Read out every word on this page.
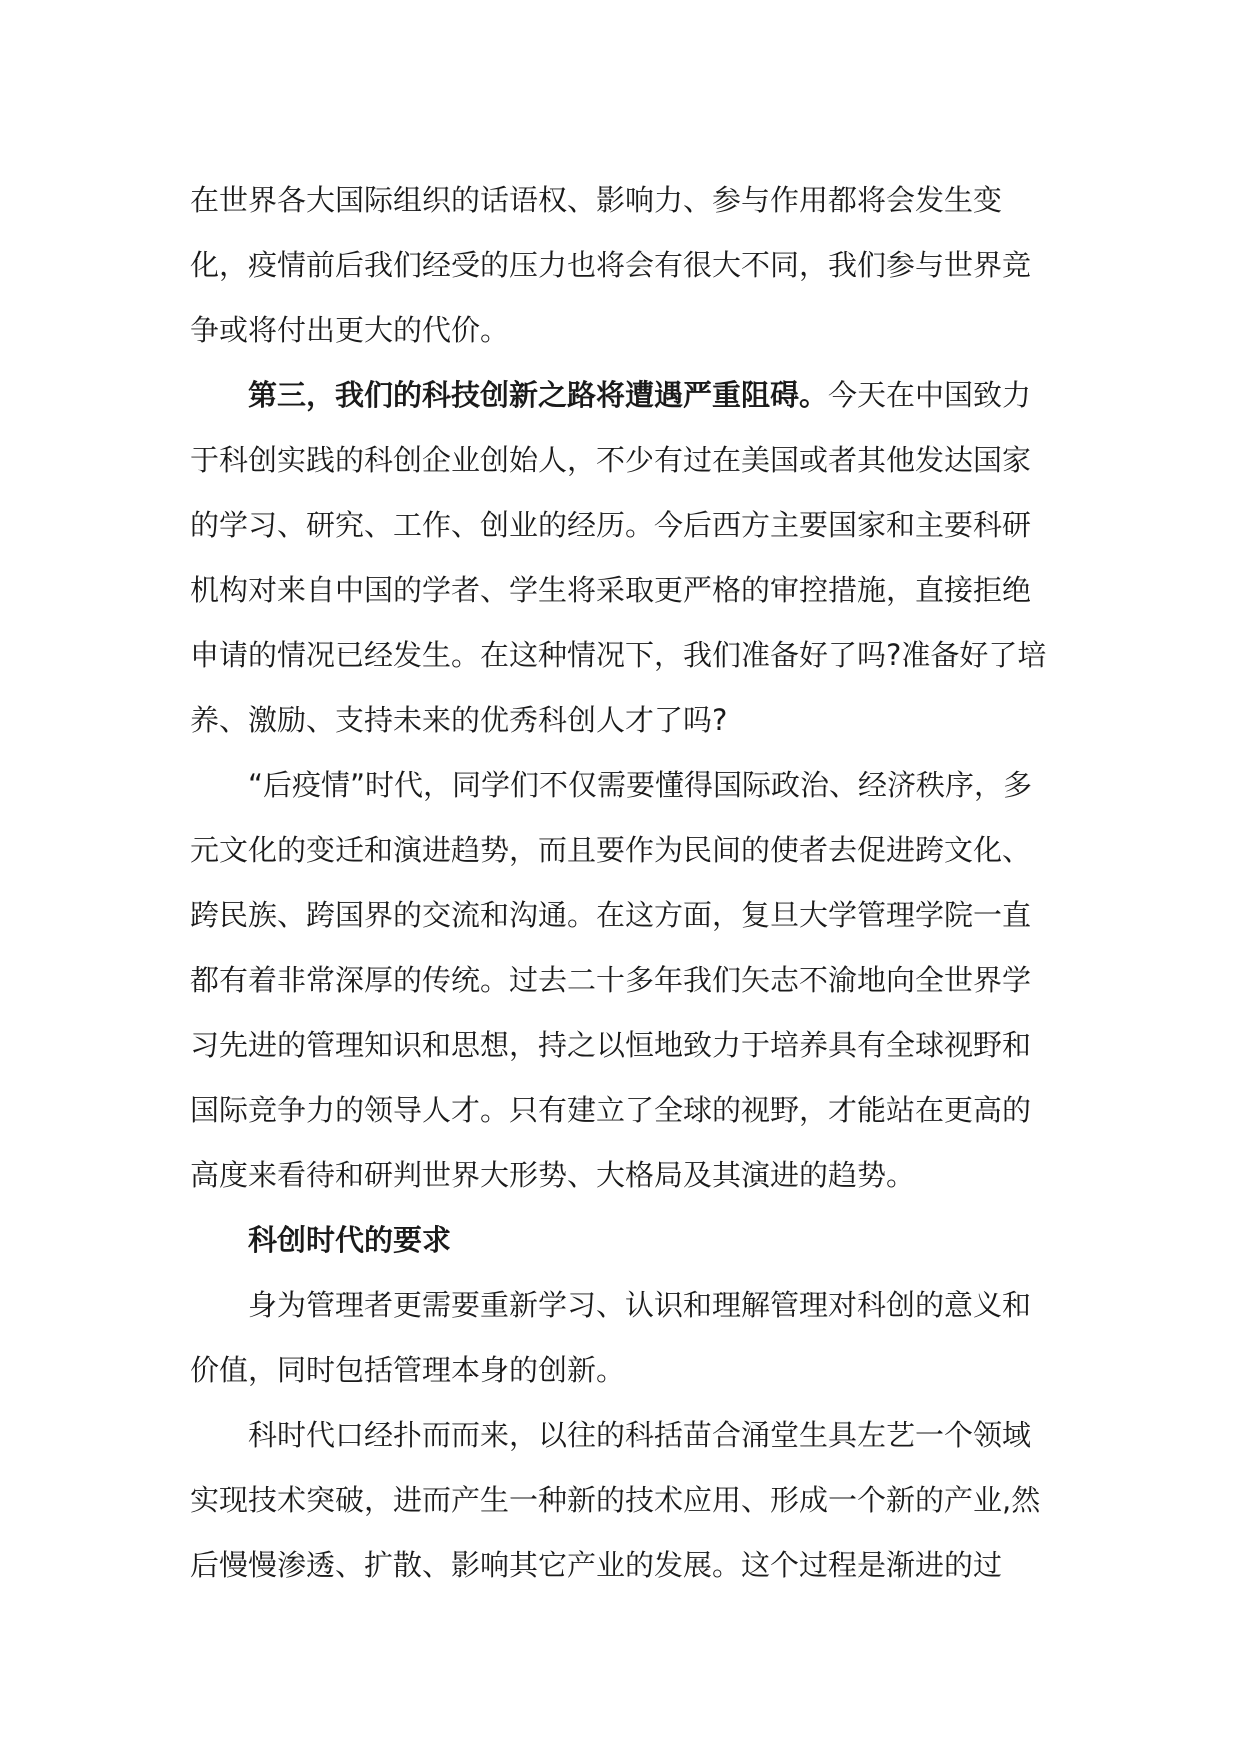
在世界各大国际组织的话语权、影响力、参与作用都将会发生变
化，疫情前后我们经受的压力也将会有很大不同，我们参与世界竞
争或将付出更大的代价。
第三，我们的科技创新之路将遭遇严重阻碍。今天在中国致力
于科创实践的科创企业创始人，不少有过在美国或者其他发达国家
的学习、研究、工作、创业的经历。今后西方主要国家和主要科研
机构对来自中国的学者、学生将采取更严格的审控措施，直接拒绝
申请的情况已经发生。在这种情况下，我们准备好了吗?准备好了培
养、激励、支持未来的优秀科创人才了吗?
“后疫情”时代，同学们不仅需要懂得国际政治、经济秩序，多
元文化的变迁和演进趋势，而且要作为民间的使者去促进跨文化、
跨民族、跨国界的交流和沟通。在这方面，复旦大学管理学院一直
都有着非常深厚的传统。过去二十多年我们矢志不渝地向全世界学
习先进的管理知识和思想，持之以恒地致力于培养具有全球视野和
国际竞争力的领导人才。只有建立了全球的视野，才能站在更高的
高度来看待和研判世界大形势、大格局及其演进的趋势。
科创时代的要求
身为管理者更需要重新学习、认识和理解管理对科创的意义和
价值，同时包括管理本身的创新。
科时代口经扑而而来，以往的科括苗合涌堂生具左艺一个领域
实现技术突破，进而产生一种新的技术应用、形成一个新的产业,然
后慢慢渗透、扩散、影响其它产业的发展。这个过程是渐进的过
